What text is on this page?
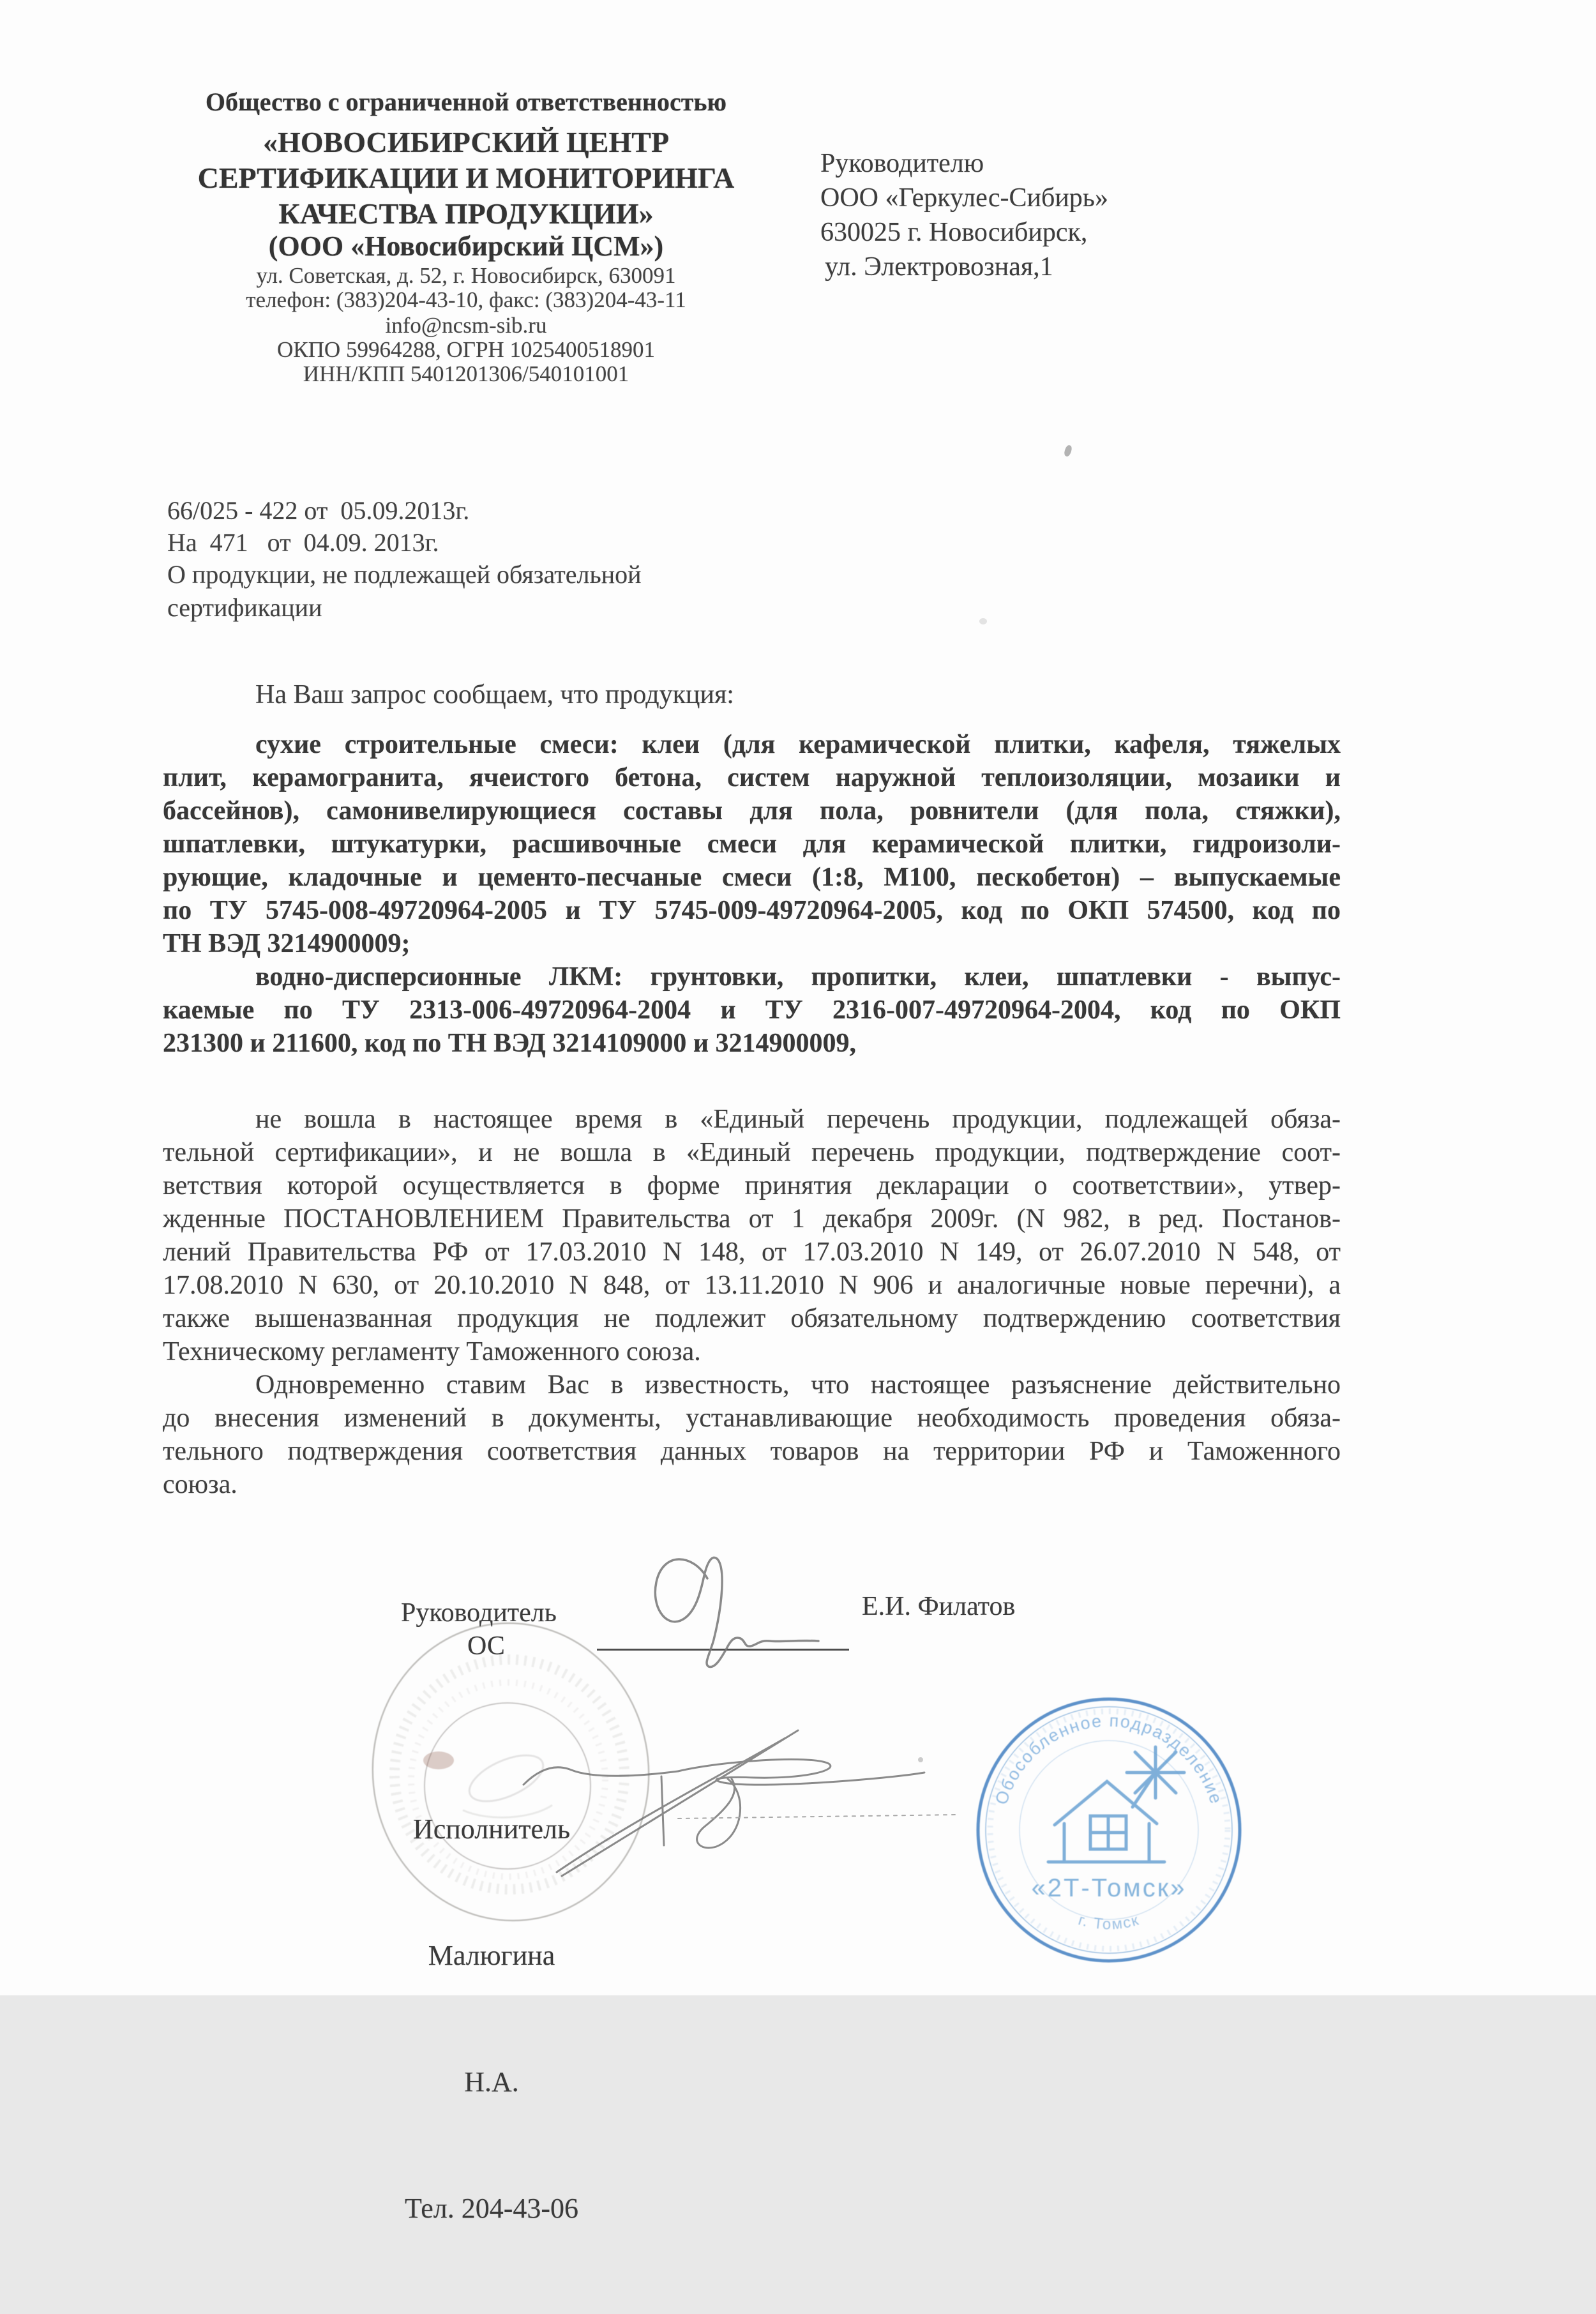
Общество с ограниченной ответственностью
«НОВОСИБИРСКИЙ ЦЕНТР
СЕРТИФИКАЦИИ И МОНИТОРИНГА
КАЧЕСТВА ПРОДУКЦИИ»
(ООО «Новосибирский ЦСМ»)
ул. Советская, д. 52, г. Новосибирск, 630091
телефон: (383)204-43-10, факс: (383)204-43-11
info@ncsm-sib.ru
ОКПО 59964288, ОГРН 1025400518901
ИНН/КПП 5401201306/540101001
Руководителю
ООО «Геркулес-Сибирь»
630025 г. Новосибирск,
ул. Электровозная,1
66/025 - 422 от  05.09.2013г.
На  471   от  04.09. 2013г.
О продукции, не подлежащей обязательной
сертификации
На Ваш запрос сообщаем, что продукция:
сухие строительные смеси: клеи (для керамической плитки, кафеля, тяжелых
плит, керамогранита, ячеистого бетона, систем наружной теплоизоляции, мозаики и
бассейнов), самонивелирующиеся составы для пола, ровнители (для пола, стяжки),
шпатлевки, штукатурки, расшивочные смеси для керамической плитки, гидроизоли-
рующие, кладочные и цементо-песчаные смеси (1:8, М100, пескобетон) – выпускаемые
по ТУ 5745-008-49720964-2005 и ТУ 5745-009-49720964-2005, код по ОКП 574500, код по
ТН ВЭД 3214900009;
водно-дисперсионные ЛКМ: грунтовки, пропитки, клеи, шпатлевки - выпус-
каемые по ТУ 2313-006-49720964-2004 и ТУ 2316-007-49720964-2004, код по ОКП
231300 и 211600, код по ТН ВЭД 3214109000 и 3214900009,
не вошла в настоящее время в «Единый перечень продукции, подлежащей обяза-
тельной сертификации», и не вошла в «Единый перечень продукции, подтверждение соот-
ветствия которой осуществляется в форме принятия декларации о соответствии», утвер-
жденные ПОСТАНОВЛЕНИЕМ Правительства от 1 декабря 2009г. (N 982, в ред. Постанов-
лений Правительства РФ от 17.03.2010 N 148, от 17.03.2010 N 149, от 26.07.2010 N 548, от
17.08.2010 N 630, от 20.10.2010 N 848, от 13.11.2010 N 906 и аналогичные новые перечни), а
также вышеназванная продукция не подлежит обязательному подтверждению соответствия
Техническому регламенту Таможенного союза.
Одновременно ставим Вас в известность, что настоящее разъяснение действительно
до внесения изменений в документы, устанавливающие необходимость проведения обяза-
тельного подтверждения соответствия данных товаров на территории РФ и Таможенного
союза.
Руководитель
ОС
Е.И. Филатов

Исполнитель

Малюгина

Н.А.

Тел. 204-43-06

Обособленное подразделение
«2Т-Томск»
г. Томск
